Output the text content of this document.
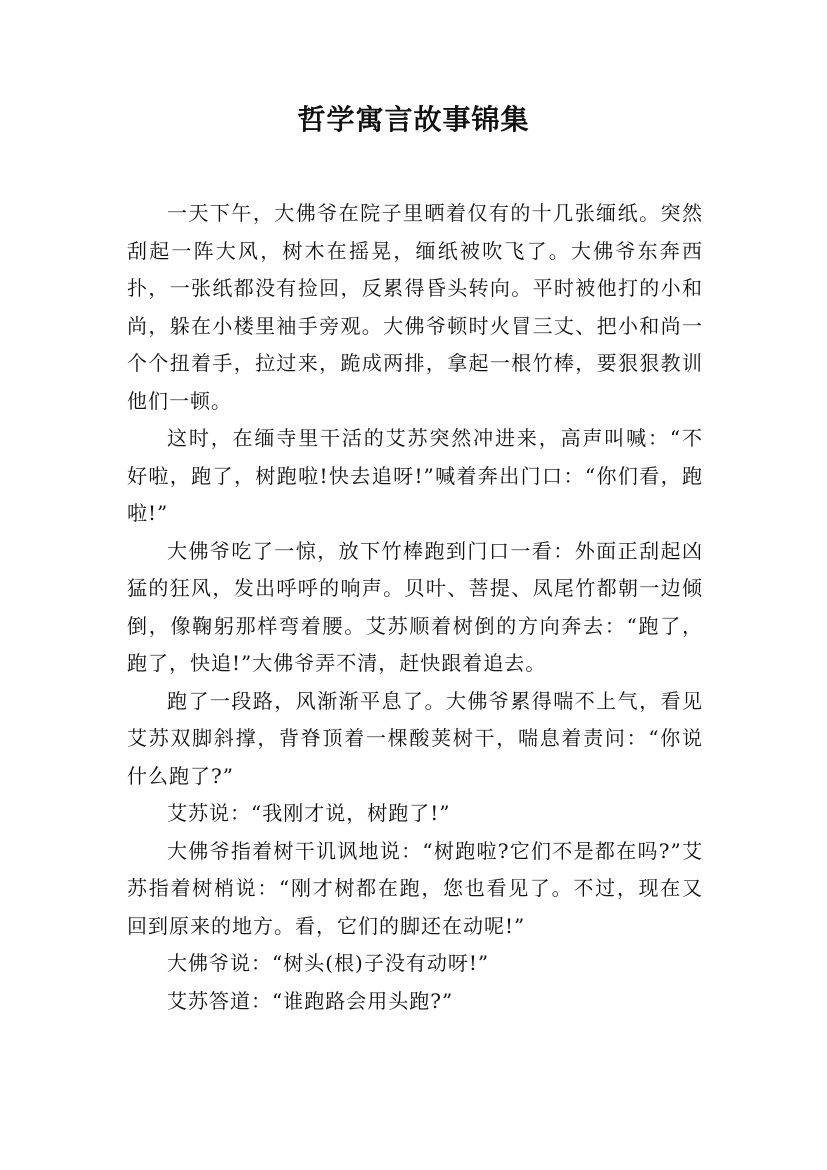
哲学寓言故事锦集

一天下午，大佛爷在院子里晒着仅有的十几张缅纸。突然刮起一阵大风，树木在摇晃，缅纸被吹飞了。大佛爷东奔西扑，一张纸都没有捡回，反累得昏头转向。平时被他打的小和尚，躲在小楼里袖手旁观。大佛爷顿时火冒三丈、把小和尚一个个扭着手，拉过来，跪成两排，拿起一根竹棒，要狠狠教训他们一顿。

这时，在缅寺里干活的艾苏突然冲进来，高声叫喊：“不好啦，跑了，树跑啦!快去追呀!”喊着奔出门口：“你们看，跑啦!”

大佛爷吃了一惊，放下竹棒跑到门口一看：外面正刮起凶猛的狂风，发出呼呼的响声。贝叶、菩提、凤尾竹都朝一边倾倒，像鞠躬那样弯着腰。艾苏顺着树倒的方向奔去：“跑了，跑了，快追!”大佛爷弄不清，赶快跟着追去。

跑了一段路，风渐渐平息了。大佛爷累得喘不上气，看见艾苏双脚斜撑，背脊顶着一棵酸荚树干，喘息着责问：“你说什么跑了?”

艾苏说：“我刚才说，树跑了!”

大佛爷指着树干讥讽地说：“树跑啦?它们不是都在吗?”艾苏指着树梢说：“刚才树都在跑，您也看见了。不过，现在又回到原来的地方。看，它们的脚还在动呢!”

大佛爷说：“树头(根)子没有动呀!”

艾苏答道：“谁跑路会用头跑?”
